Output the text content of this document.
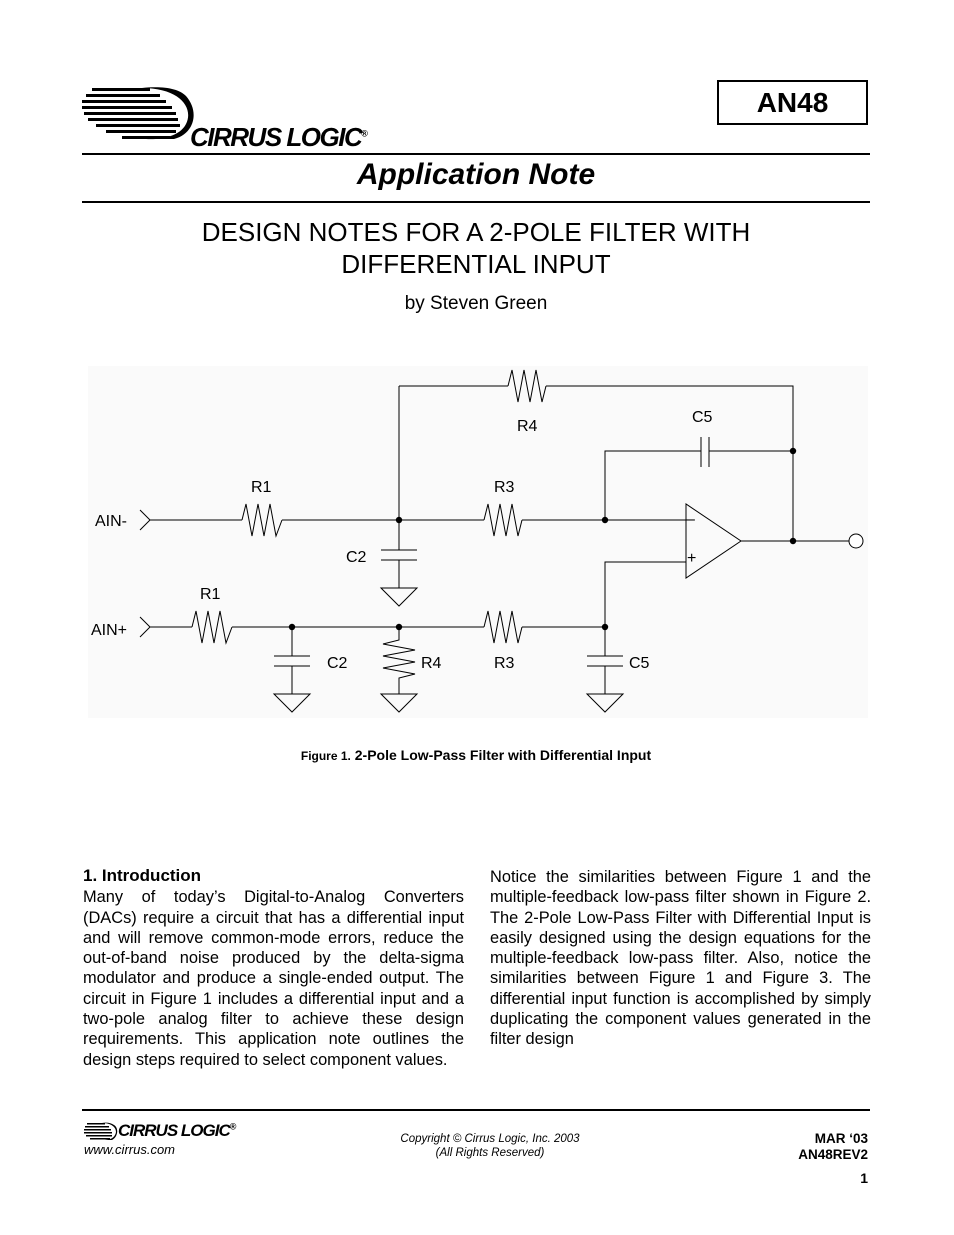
CIRRUS LOGIC®
AN48
Application Note
DESIGN NOTES FOR A 2-POLE FILTER WITH
DIFFERENTIAL INPUT
by Steven Green
R4
C5
R1	R3
AIN-
C2
–
+
R1
AIN+
C2	R4	R3	C5
Figure 1. 2-Pole Low-Pass Filter with Differential Input
1. Introduction
Many of today’s Digital-to-Analog Converters (DACs) require a circuit that has a differential input and will remove common-mode errors, reduce the out-of-band noise produced by the delta-sigma modulator and produce a single-ended output. The circuit in Figure 1 includes a differential input and a two-pole analog filter to achieve these design requirements. This application note outlines the design steps required to select component values.
Notice the similarities between Figure 1 and the multiple-feedback low-pass filter shown in Figure 2. The 2-Pole Low-Pass Filter with Differential Input is easily designed using the design equations for the multiple-feedback low-pass filter. Also, notice the similarities between Figure 1 and Figure 3. The differential input function is accomplished by simply duplicating the component values generated in the filter design
CIRRUS LOGIC®
www.cirrus.com
Copyright © Cirrus Logic, Inc. 2003
(All Rights Reserved)
MAR ‘03
AN48REV2
1
